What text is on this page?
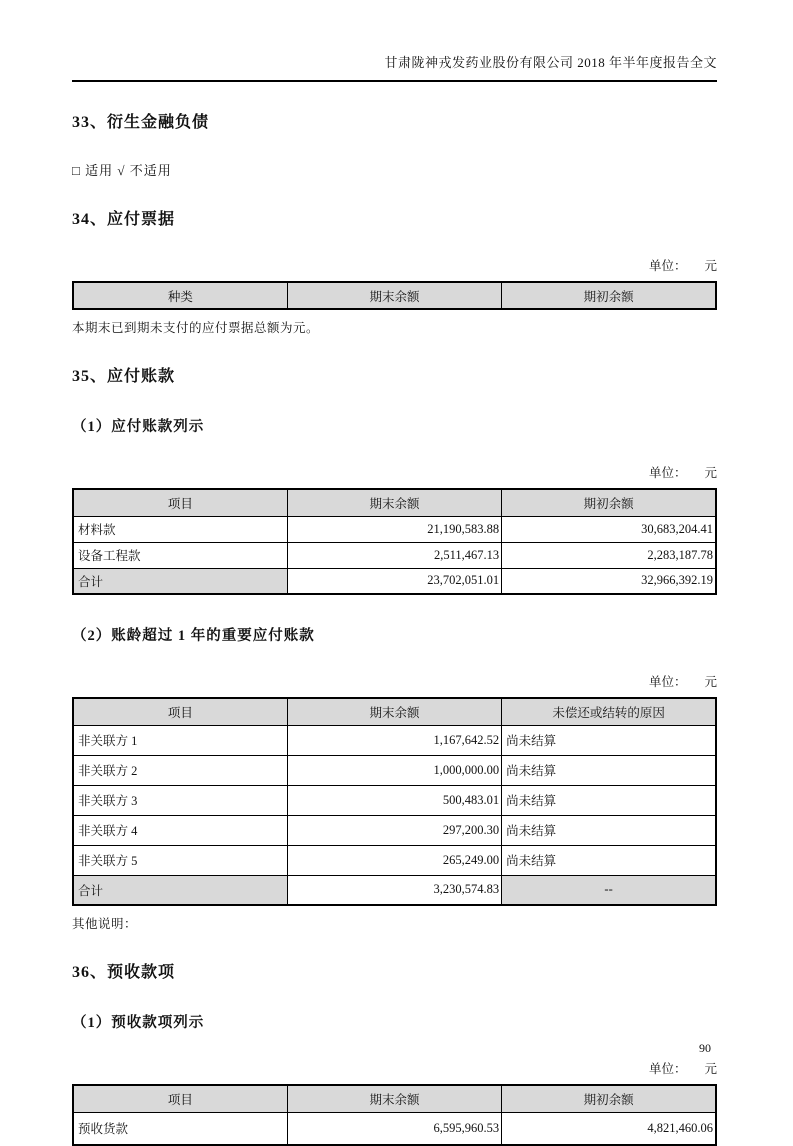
甘肃陇神戎发药业股份有限公司 2018 年半年度报告全文
33、衍生金融负债
□ 适用 √ 不适用
34、应付票据
单位： 元
种类	期末余额	期初余额
本期末已到期未支付的应付票据总额为元。
35、应付账款
（1）应付账款列示
单位： 元
项目	期末余额	期初余额
材料款	21,190,583.88	30,683,204.41
设备工程款	2,511,467.13	2,283,187.78
合计	23,702,051.01	32,966,392.19
（2）账龄超过 1 年的重要应付账款
单位： 元
项目	期末余额	未偿还或结转的原因
非关联方 1	1,167,642.52	尚未结算
非关联方 2	1,000,000.00	尚未结算
非关联方 3	500,483.01	尚未结算
非关联方 4	297,200.30	尚未结算
非关联方 5	265,249.00	尚未结算
合计	3,230,574.83	--
其他说明：
36、预收款项
（1）预收款项列示
单位： 元
项目	期末余额	期初余额
预收货款	6,595,960.53	4,821,460.06
90
